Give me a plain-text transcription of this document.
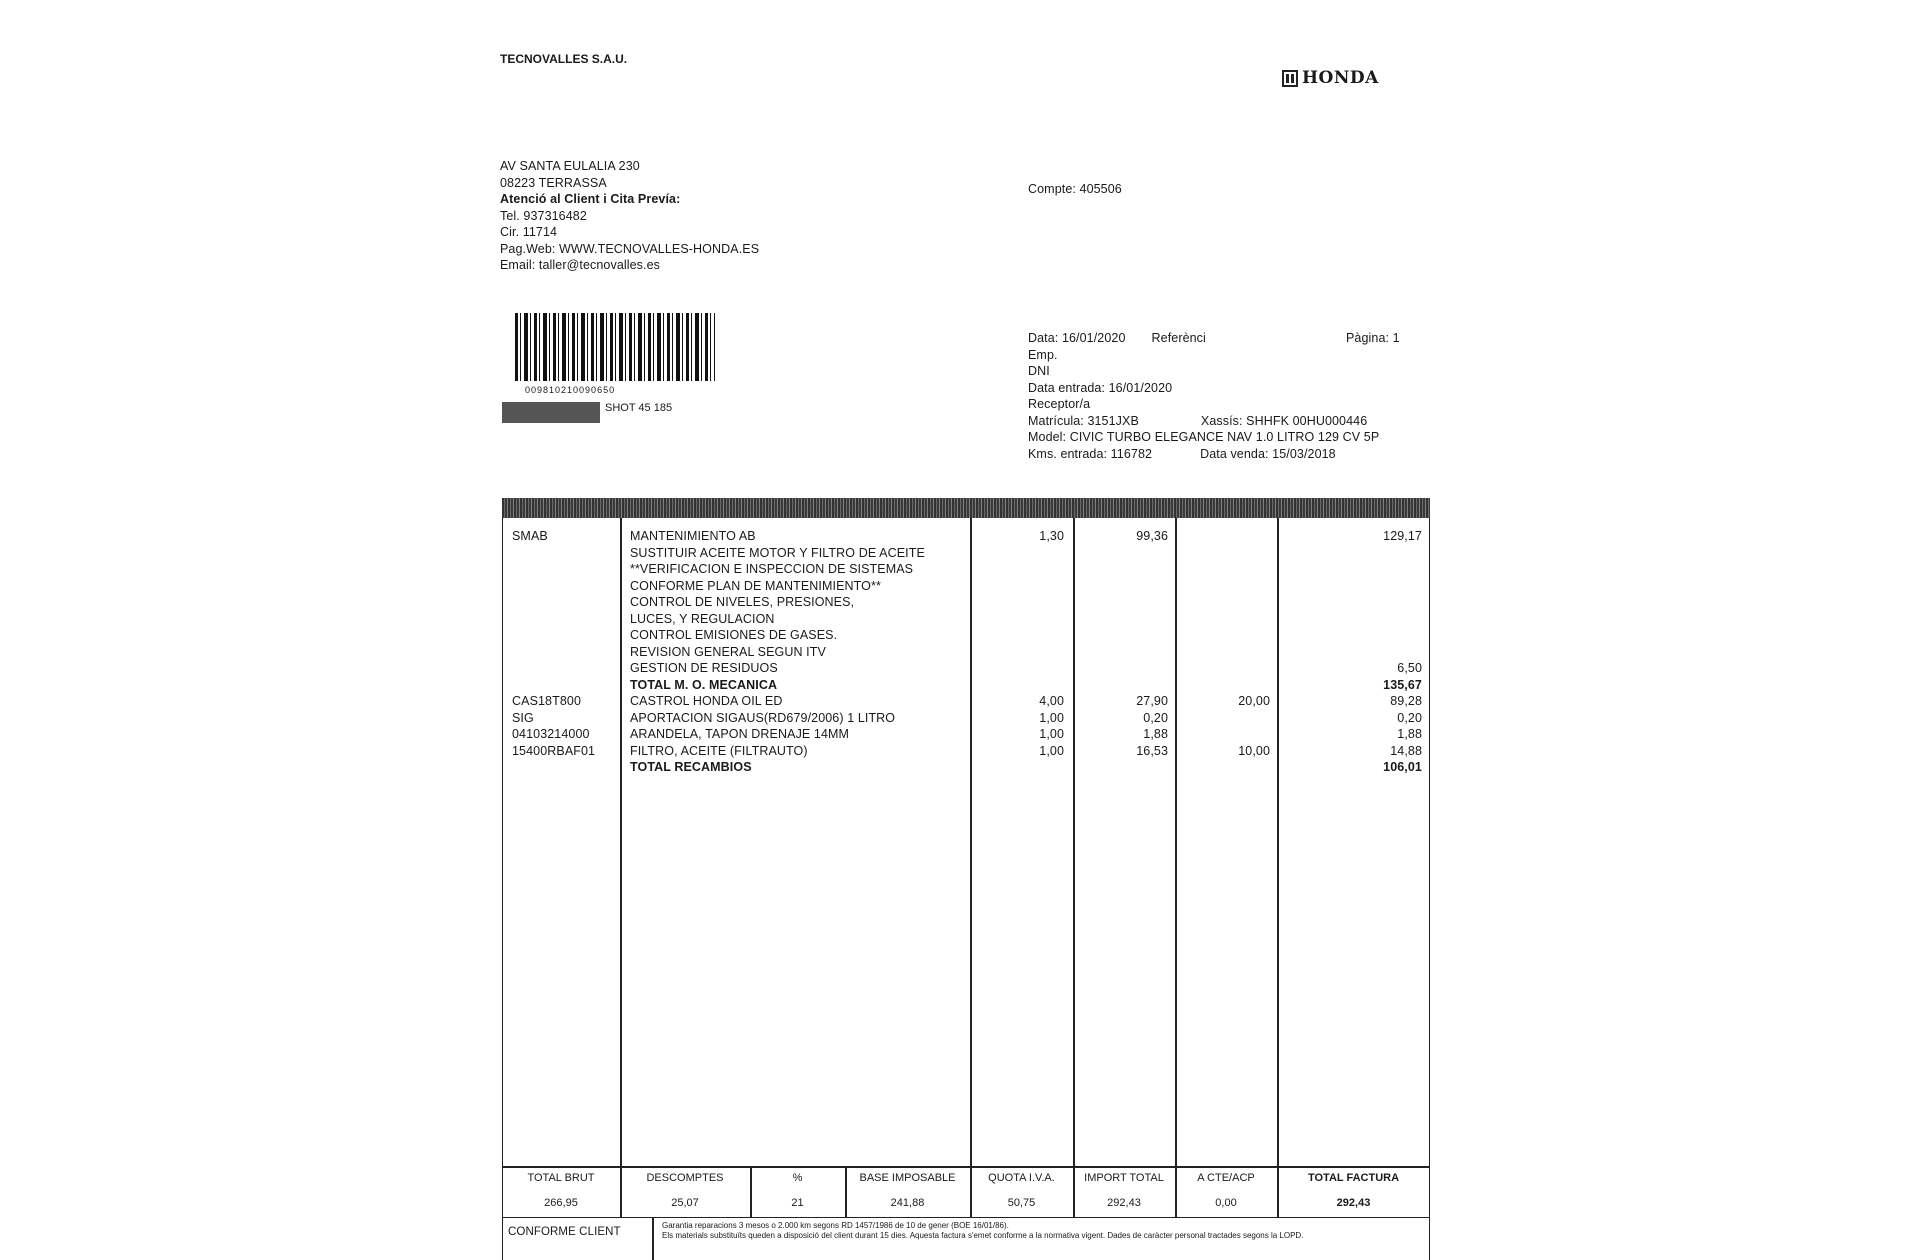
TECNOVALLES S.A.U.
HONDA
AV SANTA EULALIA 230
08223 TERRASSA
Atenció al Client i Cita Prevía:
Tel. 937316482
Cir. 11714
Pag.Web: WWW.TECNOVALLES-HONDA.ES
Email: taller@tecnovalles.es
Compte: 405506
009810210090650
SHOT 45 185
Data: 16/01/2020 Referènci
Emp.
DNI
Data entrada: 16/01/2020
Receptor/a
Matrícula: 3151JXB	Xassís: SHHFK 00HU000446
Model: CIVIC TURBO ELEGANCE NAV 1.0 LITRO 129 CV 5P
Kms. entrada: 116782	Data venda: 15/03/2018
Pàgina: 1
SMAB

CAS18T800
SIG
04103214000
15400RBAF01
MANTENIMIENTO AB
SUSTITUIR ACEITE MOTOR Y FILTRO DE ACEITE
**VERIFICACION E INSPECCION DE SISTEMAS
CONFORME PLAN DE MANTENIMIENTO**
CONTROL DE NIVELES, PRESIONES,
LUCES, Y REGULACION
CONTROL EMISIONES DE GASES.
REVISION GENERAL SEGUN ITV
GESTION DE RESIDUOS
TOTAL M. O. MECANICA
CASTROL HONDA OIL ED
APORTACION SIGAUS(RD679/2006) 1 LITRO
ARANDELA, TAPON DRENAJE 14MM
FILTRO, ACEITE (FILTRAUTO)
TOTAL RECAMBIOS
1,30

4,00
1,00
1,00
1,00
99,36

27,90
0,20
1,88
16,53

20,00

10,00
129,17

6,50
135,67
89,28
0,20
1,88
14,88
106,01
TOTAL BRUT
266,95
DESCOMPTES
25,07
%
21
BASE IMPOSABLE
241,88
QUOTA I.V.A.
50,75
IMPORT TOTAL
292,43
A CTE/ACP
0,00
TOTAL FACTURA
292,43
CONFORME CLIENT
Garantia reparacions 3 mesos o 2.000 km segons RD 1457/1986 de 10 de gener (BOE 16/01/86).
Els materials substituïts queden a disposició del client durant 15 dies. Aquesta factura s'emet conforme a la normativa vigent. Dades de caràcter personal tractades segons la LOPD.
